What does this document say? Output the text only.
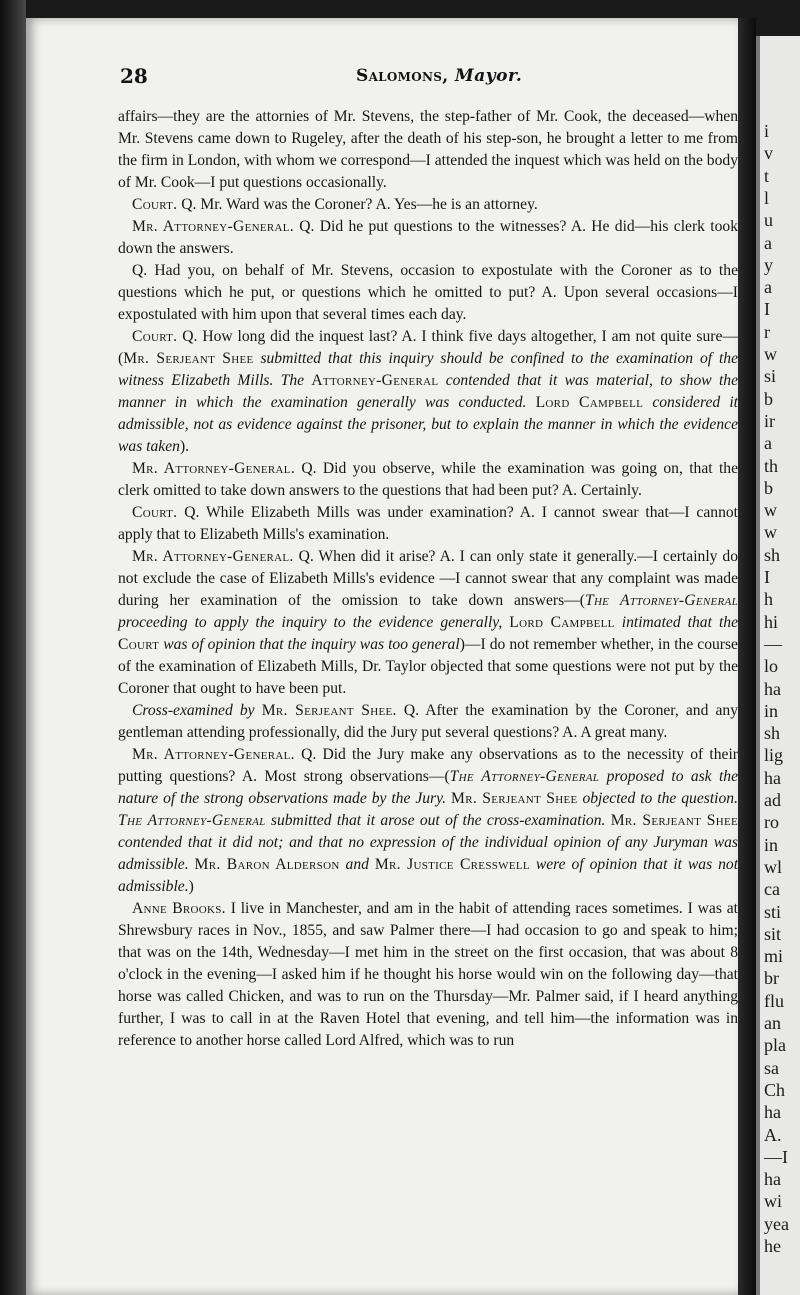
i
v
t
l
u
a
y
a
I
r
w
si
b
ir
a
th
b
w
w
sh
I
h
hi
—
lo
ha
in
sh
lig
ha
ad
ro
in
wl
ca
sti
sit
mi
br
flu
an
pla
sa
Ch
ha
A.
—I
ha
wi
yea
he
28	Salomons, Mayor.

affairs—they are the attornies of Mr. Stevens, the step-father of Mr. Cook, the deceased—when Mr. Stevens came down to Rugeley, after the death of his step-son, he brought a letter to me from the firm in London, with whom we correspond—I attended the inquest which was held on the body of Mr. Cook—I put questions occasionally.

Court. Q. Mr. Ward was the Coroner? A. Yes—he is an attorney.

Mr. Attorney-General. Q. Did he put questions to the witnesses? A. He did—his clerk took down the answers.

Q. Had you, on behalf of Mr. Stevens, occasion to expostulate with the Coroner as to the questions which he put, or questions which he omitted to put? A. Upon several occasions—I expostulated with him upon that several times each day.

Court. Q. How long did the inquest last? A. I think five days altogether, I am not quite sure—(Mr. Serjeant Shee submitted that this inquiry should be confined to the examination of the witness Elizabeth Mills. The Attorney-General contended that it was material, to show the manner in which the examination generally was conducted. Lord Campbell considered it admissible, not as evidence against the prisoner, but to explain the manner in which the evidence was taken).

Mr. Attorney-General. Q. Did you observe, while the examination was going on, that the clerk omitted to take down answers to the questions that had been put? A. Certainly.

Court. Q. While Elizabeth Mills was under examination? A. I cannot swear that—I cannot apply that to Elizabeth Mills's examination.

Mr. Attorney-General. Q. When did it arise? A. I can only state it generally.—I certainly do not exclude the case of Elizabeth Mills's evidence —I cannot swear that any complaint was made during her examination of the omission to take down answers—(The Attorney-General proceeding to apply the inquiry to the evidence generally, Lord Campbell intimated that the Court was of opinion that the inquiry was too general)—I do not remember whether, in the course of the examination of Elizabeth Mills, Dr. Taylor objected that some questions were not put by the Coroner that ought to have been put.

Cross-examined by Mr. Serjeant Shee. Q. After the examination by the Coroner, and any gentleman attending professionally, did the Jury put several questions? A. A great many.

Mr. Attorney-General. Q. Did the Jury make any observations as to the necessity of their putting questions? A. Most strong observations—(The Attorney-General proposed to ask the nature of the strong observations made by the Jury. Mr. Serjeant Shee objected to the question. The Attorney-General submitted that it arose out of the cross-examination. Mr. Serjeant Shee contended that it did not; and that no expression of the individual opinion of any Juryman was admissible. Mr. Baron Alderson and Mr. Justice Cresswell were of opinion that it was not admissible.)

Anne Brooks. I live in Manchester, and am in the habit of attending races sometimes. I was at Shrewsbury races in Nov., 1855, and saw Palmer there—I had occasion to go and speak to him; that was on the 14th, Wednesday—I met him in the street on the first occasion, that was about 8 o'clock in the evening—I asked him if he thought his horse would win on the following day—that horse was called Chicken, and was to run on the Thursday—Mr. Palmer said, if I heard anything further, I was to call in at the Raven Hotel that evening, and tell him—the information was in reference to another horse called Lord Alfred, which was to run
